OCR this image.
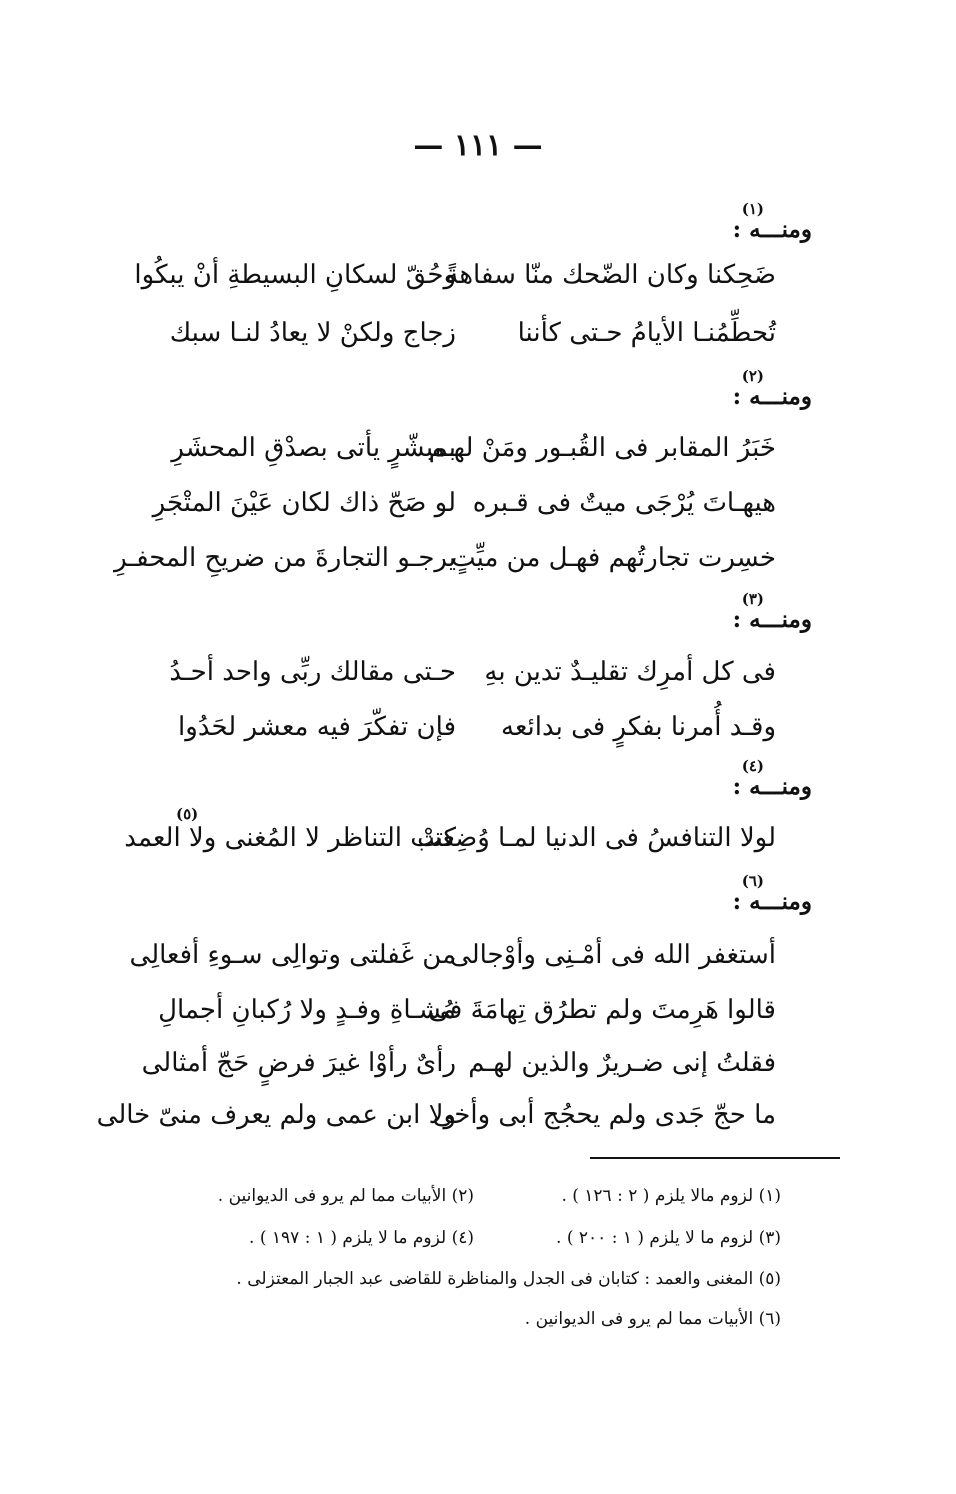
— ١١١ —
ومنـــه :
(١)
ضَحِكنا وكان الضّحك منّا سفاهةً
وحُقّ لسكانِ البسيطةِ أنْ يبكُوا
تُحطِّمُنـا الأيامُ حـتى كأننا
زجاج ولكنْ لا يعادُ لنـا سبك
ومنـــه :
(٢)
خَبَرُ المقابر فى القُبـور ومَنْ لهـم
بمبشّرٍ يأتى بصدْقِ المحشَرِ
هيهـاتَ يُرْجَى ميتٌ فى قـبره
لو صَحّ ذاك لكان عَيْنَ المتْجَرِ
خسِرت تجارتُهم فهـل من ميِّتٍ
يرجـو التجارةَ من ضريحِ المحفـرِ
ومنـــه :
(٣)
فى كل أمرِك تقليـدٌ تدين بهِ
حـتى مقالك ربِّى واحد أحـدُ
وقـد أُمرنا بفكرٍ فى بدائعه
فإن تفكّرَ فيه معشر لحَدُوا
ومنـــه :
(٤)
لولا التنافسُ فى الدنيا لمـا وُضِعتْ
كتب التناظر لا المُغنى ولا العمد
(٥)
ومنـــه :
(٦)
أستغفر الله فى أمْـنِى وأوْجالى
من غَفلتى وتوالِى سـوءِ أفعالِى
قالوا هَرِمتَ ولم تطرُق تِهامَةَ فى
مُشـاةِ وفـدٍ ولا رُكبانِ أجمالِ
فقلتُ إنى ضـريرٌ والذين لهـم
رأىٌ رأوْا غيرَ فرضٍ حَجّ أمثالى
ما حجّ جَدى ولم يحجُج أبى وأخى
ولا ابن عمى ولم يعرف منىّ خالى
(١) لزوم مالا يلزم ( ٢ : ١٢٦ ) .
(٢) الأبيات مما لم يرو فى الديوانين .
(٣) لزوم ما لا يلزم ( ١ : ٢٠٠ ) .
(٤) لزوم ما لا يلزم ( ١ : ١٩٧ ) .
(٥) المغنى والعمد : كتابان فى الجدل والمناظرة للقاضى عبد الجبار المعتزلى .
(٦) الأبيات مما لم يرو فى الديوانين .
